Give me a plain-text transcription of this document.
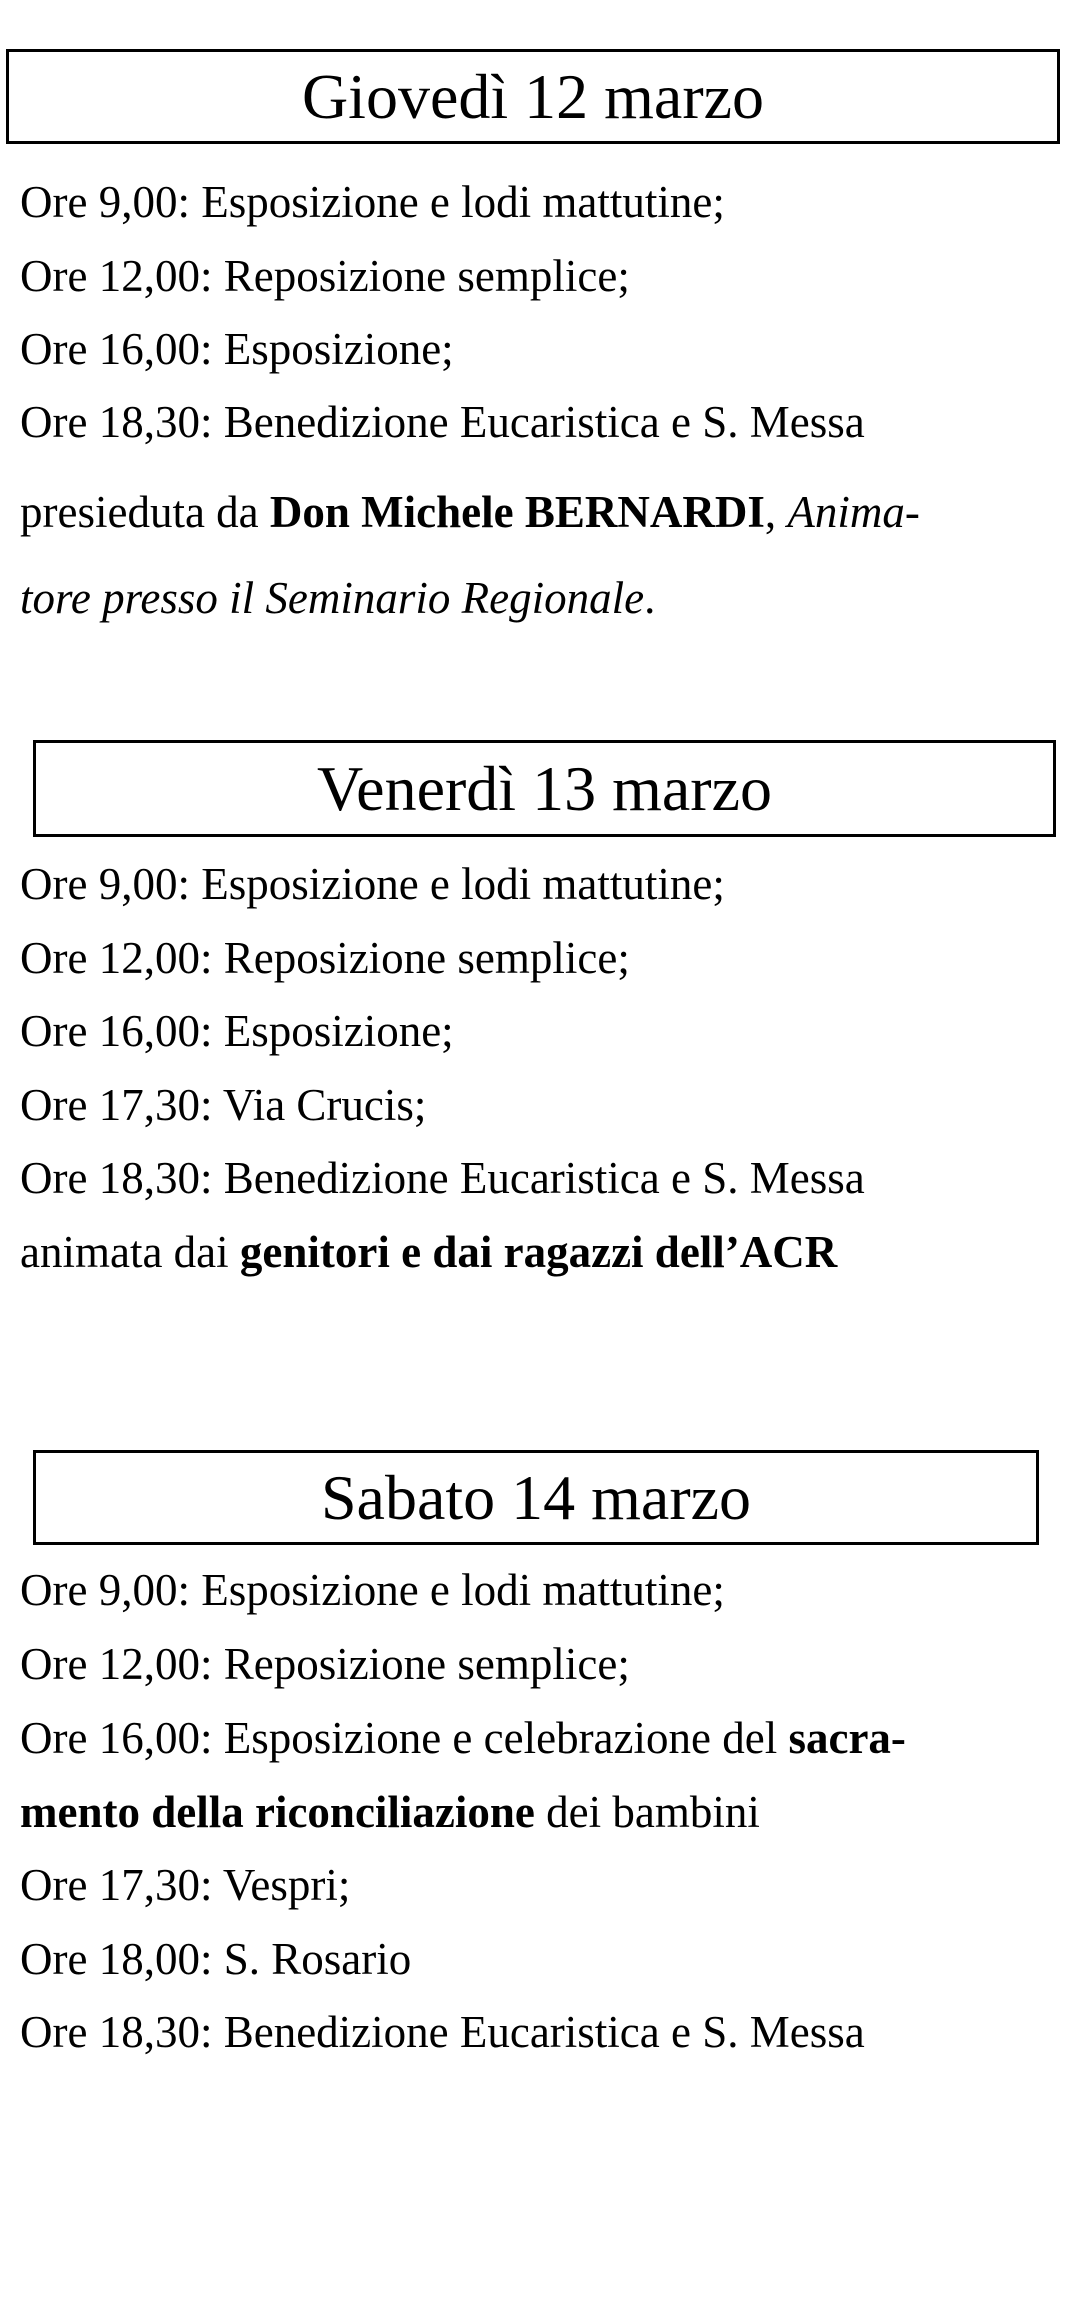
Giovedì 12 marzo
Ore 9,00: Esposizione e lodi mattutine;
Ore 12,00: Reposizione semplice;
Ore 16,00: Esposizione;
Ore 18,30: Benedizione Eucaristica e S. Messa
presieduta da Don Michele BERNARDI, Anima-
tore presso il Seminario Regionale.
Venerdì 13 marzo
Ore 9,00: Esposizione e lodi mattutine;
Ore 12,00: Reposizione semplice;
Ore 16,00: Esposizione;
Ore 17,30: Via Crucis;
Ore 18,30: Benedizione Eucaristica e S. Messa
animata dai genitori e dai ragazzi dell’ACR
Sabato 14 marzo
Ore 9,00: Esposizione e lodi mattutine;
Ore 12,00: Reposizione semplice;
Ore 16,00: Esposizione e celebrazione del sacra-
mento della riconciliazione dei bambini
Ore 17,30: Vespri;
Ore 18,00: S. Rosario
Ore 18,30: Benedizione Eucaristica e S. Messa
